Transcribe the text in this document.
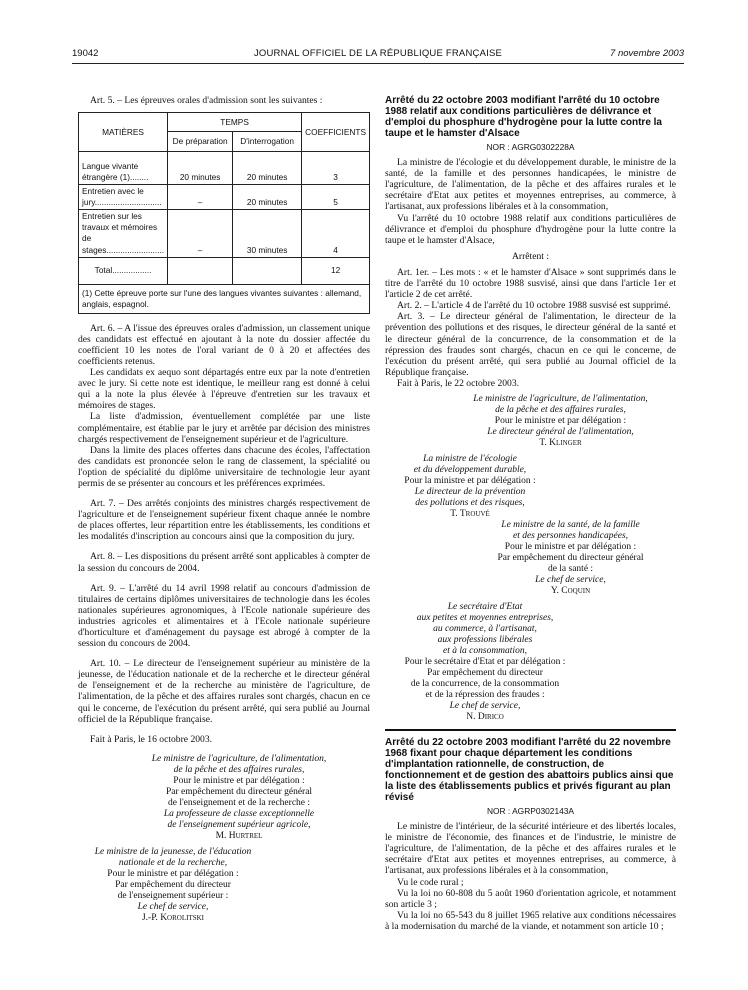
19042	JOURNAL OFFICIEL DE LA RÉPUBLIQUE FRANÇAISE	7 novembre 2003

Art. 5. – Les épreuves orales d'admission sont les suivantes :

MATIÈRES	TEMPS		COEFFICIENTS
	De préparation	D'interrogation	
Langue vivante étrangère (1)........	20 minutes	20 minutes	3
Entretien avec le jury.............................	–	20 minutes	5
Entretien sur les travaux et mémoires de stages.........................	–	30 minutes	4
Total.................			12
(1) Cette épreuve porte sur l'une des langues vivantes suivantes : allemand, anglais, espagnol.			

Art. 6. – A l'issue des épreuves orales d'admission, un classement unique des candidats est effectué en ajoutant à la note du dossier affectée du coefficient 10 les notes de l'oral variant de 0 à 20 et affectées des coefficients retenus.

Les candidats ex aequo sont départagés entre eux par la note d'entretien avec le jury. Si cette note est identique, le meilleur rang est donné à celui qui a la note la plus élevée à l'épreuve d'entretien sur les travaux et mémoires de stages.

La liste d'admission, éventuellement complétée par une liste complémentaire, est établie par le jury et arrêtée par décision des ministres chargés respectivement de l'enseignement supérieur et de l'agriculture.

Dans la limite des places offertes dans chacune des écoles, l'affectation des candidats est prononcée selon le rang de classement, la spécialité ou l'option de spécialité du diplôme universitaire de technologie leur ayant permis de se présenter au concours et les préférences exprimées.

Art. 7. – Des arrêtés conjoints des ministres chargés respectivement de l'agriculture et de l'enseignement supérieur fixent chaque année le nombre de places offertes, leur répartition entre les établissements, les conditions et les modalités d'inscription au concours ainsi que la composition du jury.

Art. 8. – Les dispositions du présent arrêté sont applicables à compter de la session du concours de 2004.

Art. 9. – L'arrêté du 14 avril 1998 relatif au concours d'admission de titulaires de certains diplômes universitaires de technologie dans les écoles nationales supérieures agronomiques, à l'Ecole nationale supérieure des industries agricoles et alimentaires et à l'Ecole nationale supérieure d'horticulture et d'aménagement du paysage est abrogé à compter de la session du concours de 2004.

Art. 10. – Le directeur de l'enseignement supérieur au ministère de la jeunesse, de l'éducation nationale et de la recherche et le directeur général de l'enseignement et de la recherche au ministère de l'agriculture, de l'alimentation, de la pêche et des affaires rurales sont chargés, chacun en ce qui le concerne, de l'exécution du présent arrêté, qui sera publié au Journal officiel de la République française.

Fait à Paris, le 16 octobre 2003.

Le ministre de l'agriculture, de l'alimentation,
de la pêche et des affaires rurales,
Pour le ministre et par délégation :
Par empêchement du directeur général
de l'enseignement et de la recherche :
La professeure de classe exceptionnelle
de l'enseignement supérieur agricole,
M. Hurtrel
Le ministre de la jeunesse, de l'éducation
nationale et de la recherche,
Pour le ministre et par délégation :
Par empêchement du directeur
de l'enseignement supérieur :
Le chef de service,
J.-P. Korolitski
Arrêté du 22 octobre 2003 modifiant l'arrêté du 10 octobre 1988 relatif aux conditions particulières de délivrance et d'emploi du phosphure d'hydrogène pour la lutte contre la taupe et le hamster d'Alsace
NOR : AGRG0302228A

La ministre de l'écologie et du développement durable, le ministre de la santé, de la famille et des personnes handicapées, le ministre de l'agriculture, de l'alimentation, de la pêche et des affaires rurales et le secrétaire d'Etat aux petites et moyennes entreprises, au commerce, à l'artisanat, aux professions libérales et à la consommation,

Vu l'arrêté du 10 octobre 1988 relatif aux conditions particulières de délivrance et d'emploi du phosphure d'hydrogène pour la lutte contre la taupe et le hamster d'Alsace,

Arrêtent :

Art. 1er. – Les mots : « et le hamster d'Alsace » sont supprimés dans le titre de l'arrêté du 10 octobre 1988 susvisé, ainsi que dans l'article 1er et l'article 2 de cet arrêté.

Art. 2. – L'article 4 de l'arrêté du 10 octobre 1988 susvisé est supprimé.

Art. 3. – Le directeur général de l'alimentation, le directeur de la prévention des pollutions et des risques, le directeur général de la santé et le directeur général de la concurrence, de la consommation et de la répression des fraudes sont chargés, chacun en ce qui le concerne, de l'exécution du présent arrêté, qui sera publié au Journal officiel de la République française.

Fait à Paris, le 22 octobre 2003.

Le ministre de l'agriculture, de l'alimentation,
de la pêche et des affaires rurales,
Pour le ministre et par délégation :
Le directeur général de l'alimentation,
T. Klinger
La ministre de l'écologie
et du développement durable,
Pour la ministre et par délégation :
Le directeur de la prévention
des pollutions et des risques,
T. Trouvé
Le ministre de la santé, de la famille
et des personnes handicapées,
Pour le ministre et par délégation :
Par empêchement du directeur général
de la santé :
Le chef de service,
Y. Coquin
Le secrétaire d'Etat
aux petites et moyennes entreprises,
au commerce, à l'artisanat,
aux professions libérales
et à la consommation,
Pour le secrétaire d'Etat et par délégation :
Par empêchement du directeur
de la concurrence, de la consommation
et de la répression des fraudes :
Le chef de service,
N. Dirico
Arrêté du 22 octobre 2003 modifiant l'arrêté du 22 novembre 1968 fixant pour chaque département les conditions d'implantation rationnelle, de construction, de fonctionnement et de gestion des abattoirs publics ainsi que la liste des établissements publics et privés figurant au plan révisé
NOR : AGRP0302143A

Le ministre de l'intérieur, de la sécurité intérieure et des libertés locales, le ministre de l'économie, des finances et de l'industrie, le ministre de l'agriculture, de l'alimentation, de la pêche et des affaires rurales et le secrétaire d'Etat aux petites et moyennes entreprises, au commerce, à l'artisanat, aux professions libérales et à la consommation,

Vu le code rural ;

Vu la loi no 60-808 du 5 août 1960 d'orientation agricole, et notamment son article 3 ;

Vu la loi no 65-543 du 8 juillet 1965 relative aux conditions nécessaires à la modernisation du marché de la viande, et notamment son article 10 ;
